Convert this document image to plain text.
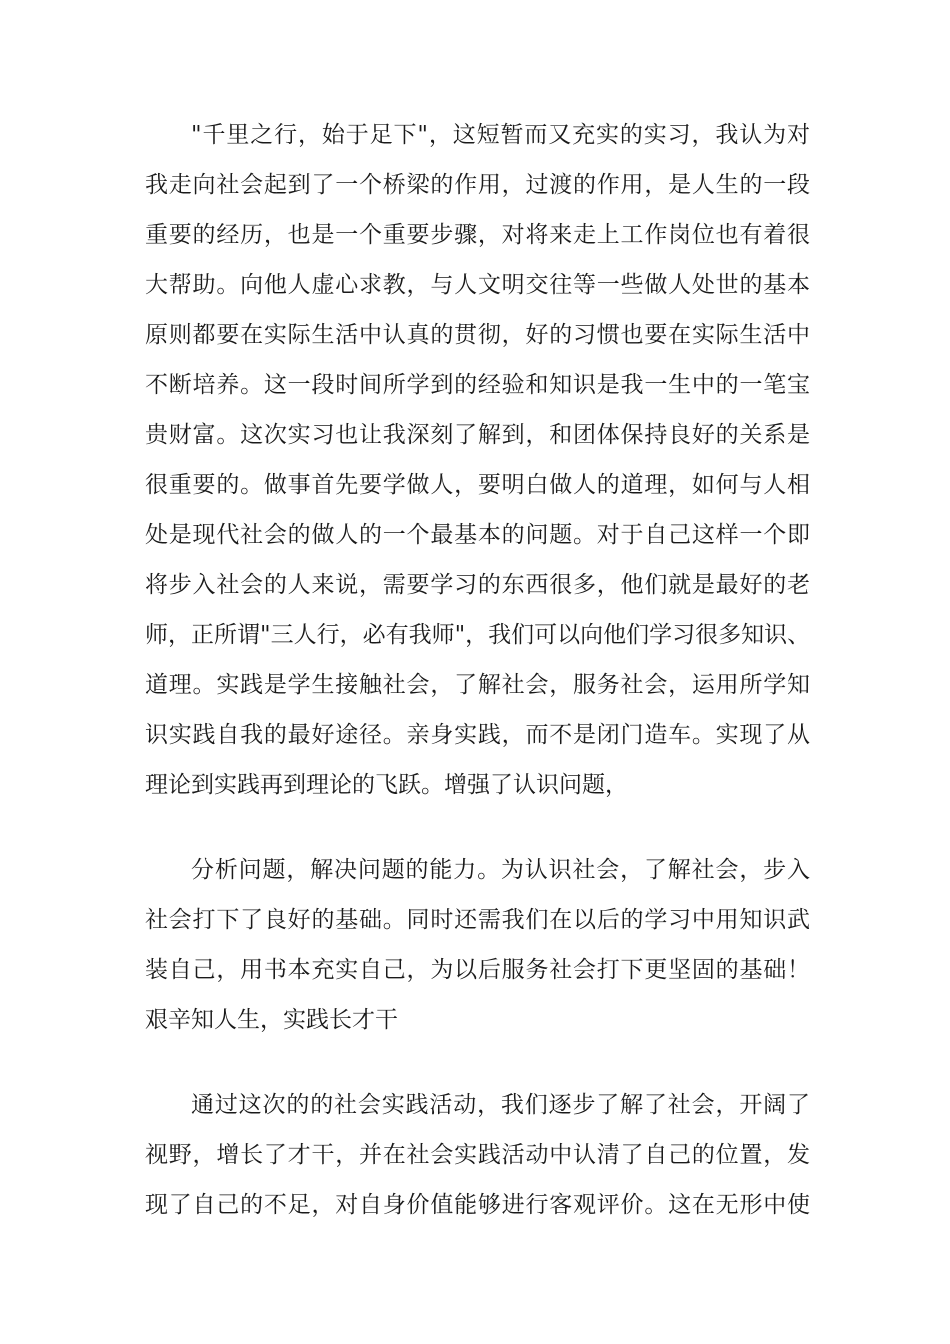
"千里之行，始于足下"，这短暂而又充实的实习，我认为对
我走向社会起到了一个桥梁的作用，过渡的作用，是人生的一段
重要的经历，也是一个重要步骤，对将来走上工作岗位也有着很
大帮助。向他人虚心求教，与人文明交往等一些做人处世的基本
原则都要在实际生活中认真的贯彻，好的习惯也要在实际生活中
不断培养。这一段时间所学到的经验和知识是我一生中的一笔宝
贵财富。这次实习也让我深刻了解到，和团体保持良好的关系是
很重要的。做事首先要学做人，要明白做人的道理，如何与人相
处是现代社会的做人的一个最基本的问题。对于自己这样一个即
将步入社会的人来说，需要学习的东西很多，他们就是最好的老
师，正所谓"三人行，必有我师"，我们可以向他们学习很多知识、
道理。实践是学生接触社会，了解社会，服务社会，运用所学知
识实践自我的最好途径。亲身实践，而不是闭门造车。实现了从
理论到实践再到理论的飞跃。增强了认识问题，
分析问题，解决问题的能力。为认识社会，了解社会，步入
社会打下了良好的基础。同时还需我们在以后的学习中用知识武
装自己，用书本充实自己，为以后服务社会打下更坚固的基础！
艰辛知人生，实践长才干
通过这次的的社会实践活动，我们逐步了解了社会，开阔了
视野，增长了才干，并在社会实践活动中认清了自己的位置，发
现了自己的不足，对自身价值能够进行客观评价。这在无形中使
